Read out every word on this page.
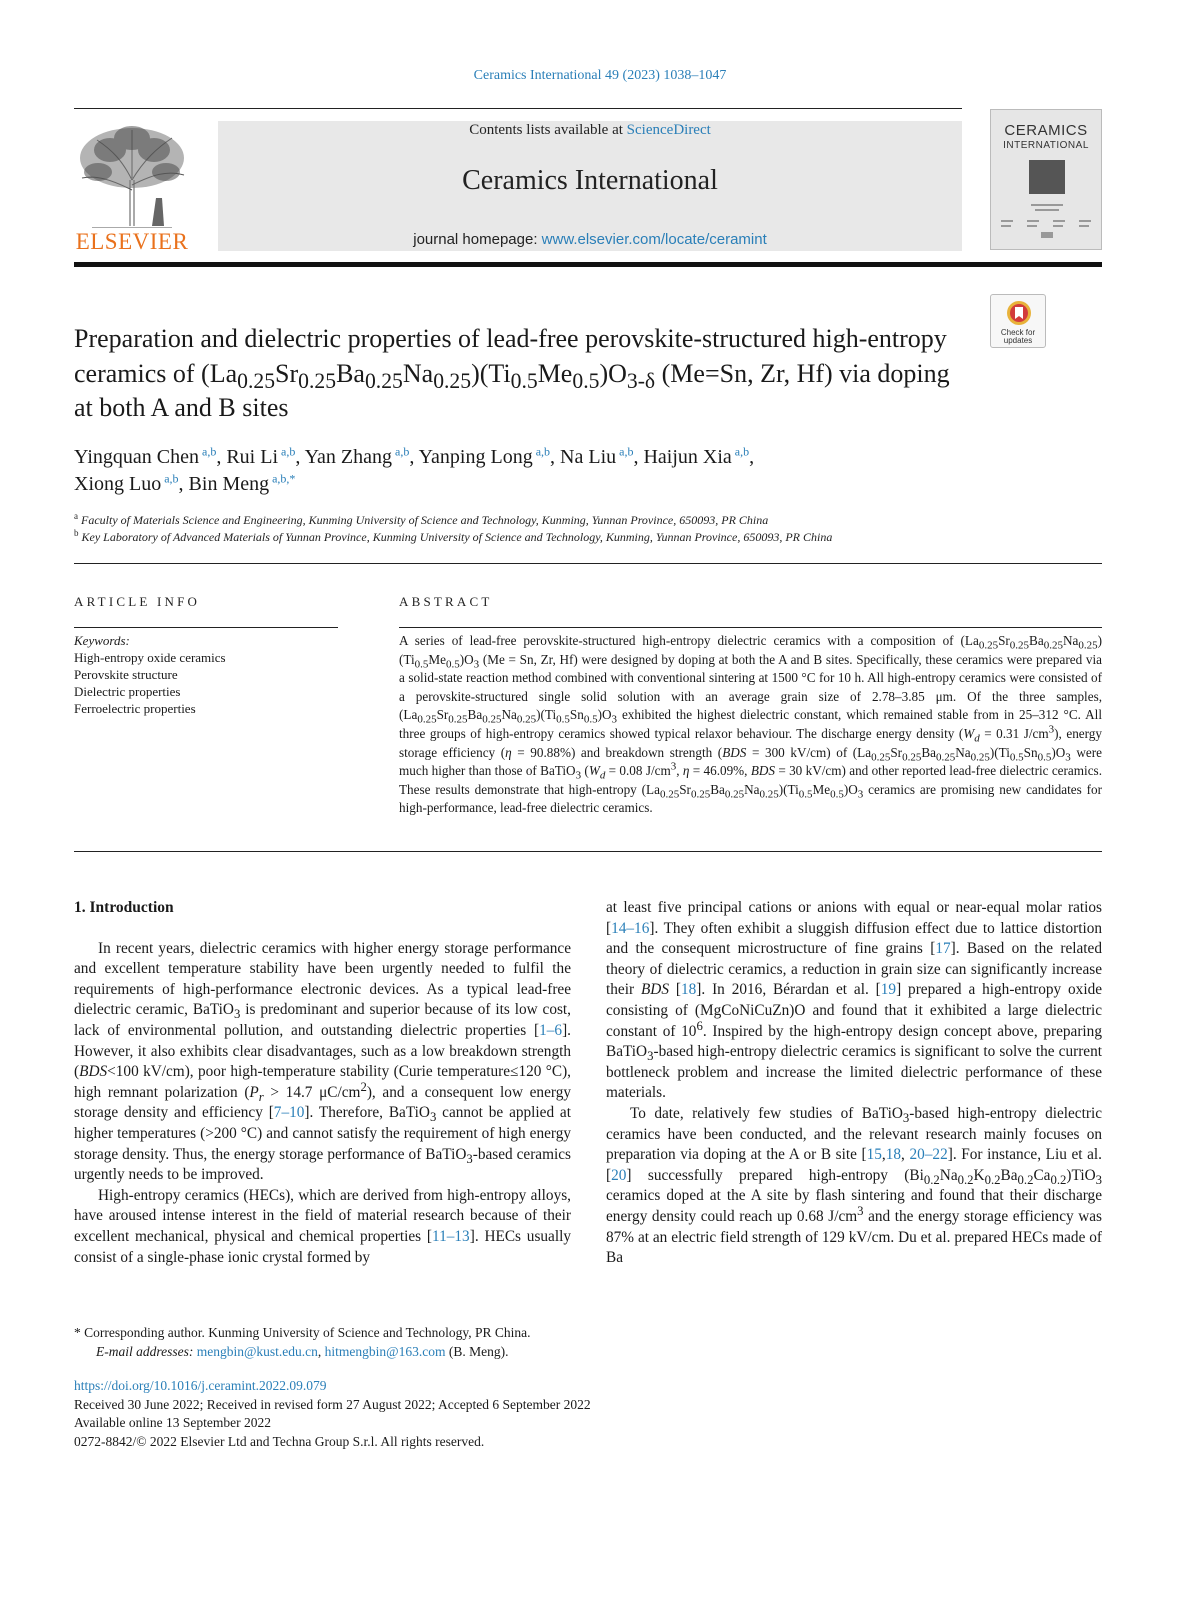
Ceramics International 49 (2023) 1038–1047
ELSEVIER
Contents lists available at ScienceDirect
Ceramics International
journal homepage: www.elsevier.com/locate/ceramint
CERAMICS
INTERNATIONAL
Preparation and dielectric properties of lead-free perovskite-structured high-entropy ceramics of $(La_{0.25}Sr_{0.25}Ba_{0.25}Na_{0.25})(Ti_{0.5}Me_{0.5})O_{3-\delta}$ (Me=Sn, Zr, Hf) via doping at both A and B sites
Check for updates
Yingquan Chen $^{a,b}$, Rui Li $^{a,b}$, Yan Zhang $^{a,b}$, Yanping Long $^{a,b}$, Na Liu $^{a,b}$, Haijun Xia $^{a,b}$,
Xiong Luo $^{a,b}$, Bin Meng $^{a,b,*}$
$^a$ Faculty of Materials Science and Engineering, Kunming University of Science and Technology, Kunming, Yunnan Province, 650093, PR China
$^b$ Key Laboratory of Advanced Materials of Yunnan Province, Kunming University of Science and Technology, Kunming, Yunnan Province, 650093, PR China
ARTICLE INFO	ABSTRACT
Keywords:
High-entropy oxide ceramics
Perovskite structure
Dielectric properties
Ferroelectric properties
A series of lead-free perovskite-structured high-entropy dielectric ceramics with a composition of $(La_{0.25}Sr_{0.25}Ba_{0.25}Na_{0.25})(Ti_{0.5}Me_{0.5})O_3$ (Me = Sn, Zr, Hf) were designed by doping at both the A and B sites. Specifically, these ceramics were prepared via a solid-state reaction method combined with conventional sintering at 1500 °C for 10 h. All high-entropy ceramics were consisted of a perovskite-structured single solid solution with an average grain size of 2.78–3.85 μm. Of the three samples, $(La_{0.25}Sr_{0.25}Ba_{0.25}Na_{0.25})(Ti_{0.5}Sn_{0.5})O_3$ exhibited the highest dielectric constant, which remained stable from in 25–312 °C. All three groups of high-entropy ceramics showed typical relaxor behaviour. The discharge energy density ($W_d = 0.31$ $J/cm^3$), energy storage efficiency (η = 90.88%) and breakdown strength (BDS = 300 kV/cm) of $(La_{0.25}Sr_{0.25}Ba_{0.25}Na_{0.25})(Ti_{0.5}Sn_{0.5})O_3$ were much higher than those of BaTiO$_3$ ($W_d = 0.08$ $J/cm^3$, η = 46.09%, BDS = 30 kV/cm) and other reported lead-free dielectric ceramics. These results demonstrate that high-entropy $(La_{0.25}Sr_{0.25}Ba_{0.25}Na_{0.25})(Ti_{0.5}Me_{0.5})O_3$ ceramics are promising new candidates for high-performance, lead-free dielectric ceramics.
1. Introduction

In recent years, dielectric ceramics with higher energy storage performance and excellent temperature stability have been urgently needed to fulfil the requirements of high-performance electronic devices. As a typical lead-free dielectric ceramic, BaTiO$_3$ is predominant and superior because of its low cost, lack of environmental pollution, and outstanding dielectric properties [1–6]. However, it also exhibits clear disadvantages, such as a low breakdown strength (BDS<100 kV/cm), poor high-temperature stability (Curie temperature≤120 °C), high remnant polarization ($P_r > 14.7$ $\mu C/cm^2$), and a consequent low energy storage density and efficiency [7–10]. Therefore, BaTiO$_3$ cannot be applied at higher temperatures (>200 °C) and cannot satisfy the requirement of high energy storage density. Thus, the energy storage performance of BaTiO$_3$-based ceramics urgently needs to be improved.

High-entropy ceramics (HECs), which are derived from high-entropy alloys, have aroused intense interest in the field of material research because of their excellent mechanical, physical and chemical properties [11–13]. HECs usually consist of a single-phase ionic crystal formed by

at least five principal cations or anions with equal or near-equal molar ratios [14–16]. They often exhibit a sluggish diffusion effect due to lattice distortion and the consequent microstructure of fine grains [17]. Based on the related theory of dielectric ceramics, a reduction in grain size can significantly increase their BDS [18]. In 2016, Bérardan et al. [19] prepared a high-entropy oxide consisting of (MgCoNiCuZn)O and found that it exhibited a large dielectric constant of $10^6$. Inspired by the high-entropy design concept above, preparing BaTiO$_3$-based high-entropy dielectric ceramics is significant to solve the current bottleneck problem and increase the limited dielectric performance of these materials.

To date, relatively few studies of BaTiO$_3$-based high-entropy dielectric ceramics have been conducted, and the relevant research mainly focuses on preparation via doping at the A or B site [15,18, 20–22]. For instance, Liu et al. [20] successfully prepared high-entropy $(Bi_{0.2}Na_{0.2}K_{0.2}Ba_{0.2}Ca_{0.2})TiO_3$ ceramics doped at the A site by flash sintering and found that their discharge energy density could reach up 0.68 $J/cm^3$ and the energy storage efficiency was 87% at an electric field strength of 129 kV/cm. Du et al. prepared HECs made of Ba

* Corresponding author. Kunming University of Science and Technology, PR China.
E-mail addresses: mengbin@kust.edu.cn, hitmengbin@163.com (B. Meng).
https://doi.org/10.1016/j.ceramint.2022.09.079
Received 30 June 2022; Received in revised form 27 August 2022; Accepted 6 September 2022
Available online 13 September 2022
0272-8842/© 2022 Elsevier Ltd and Techna Group S.r.l. All rights reserved.
